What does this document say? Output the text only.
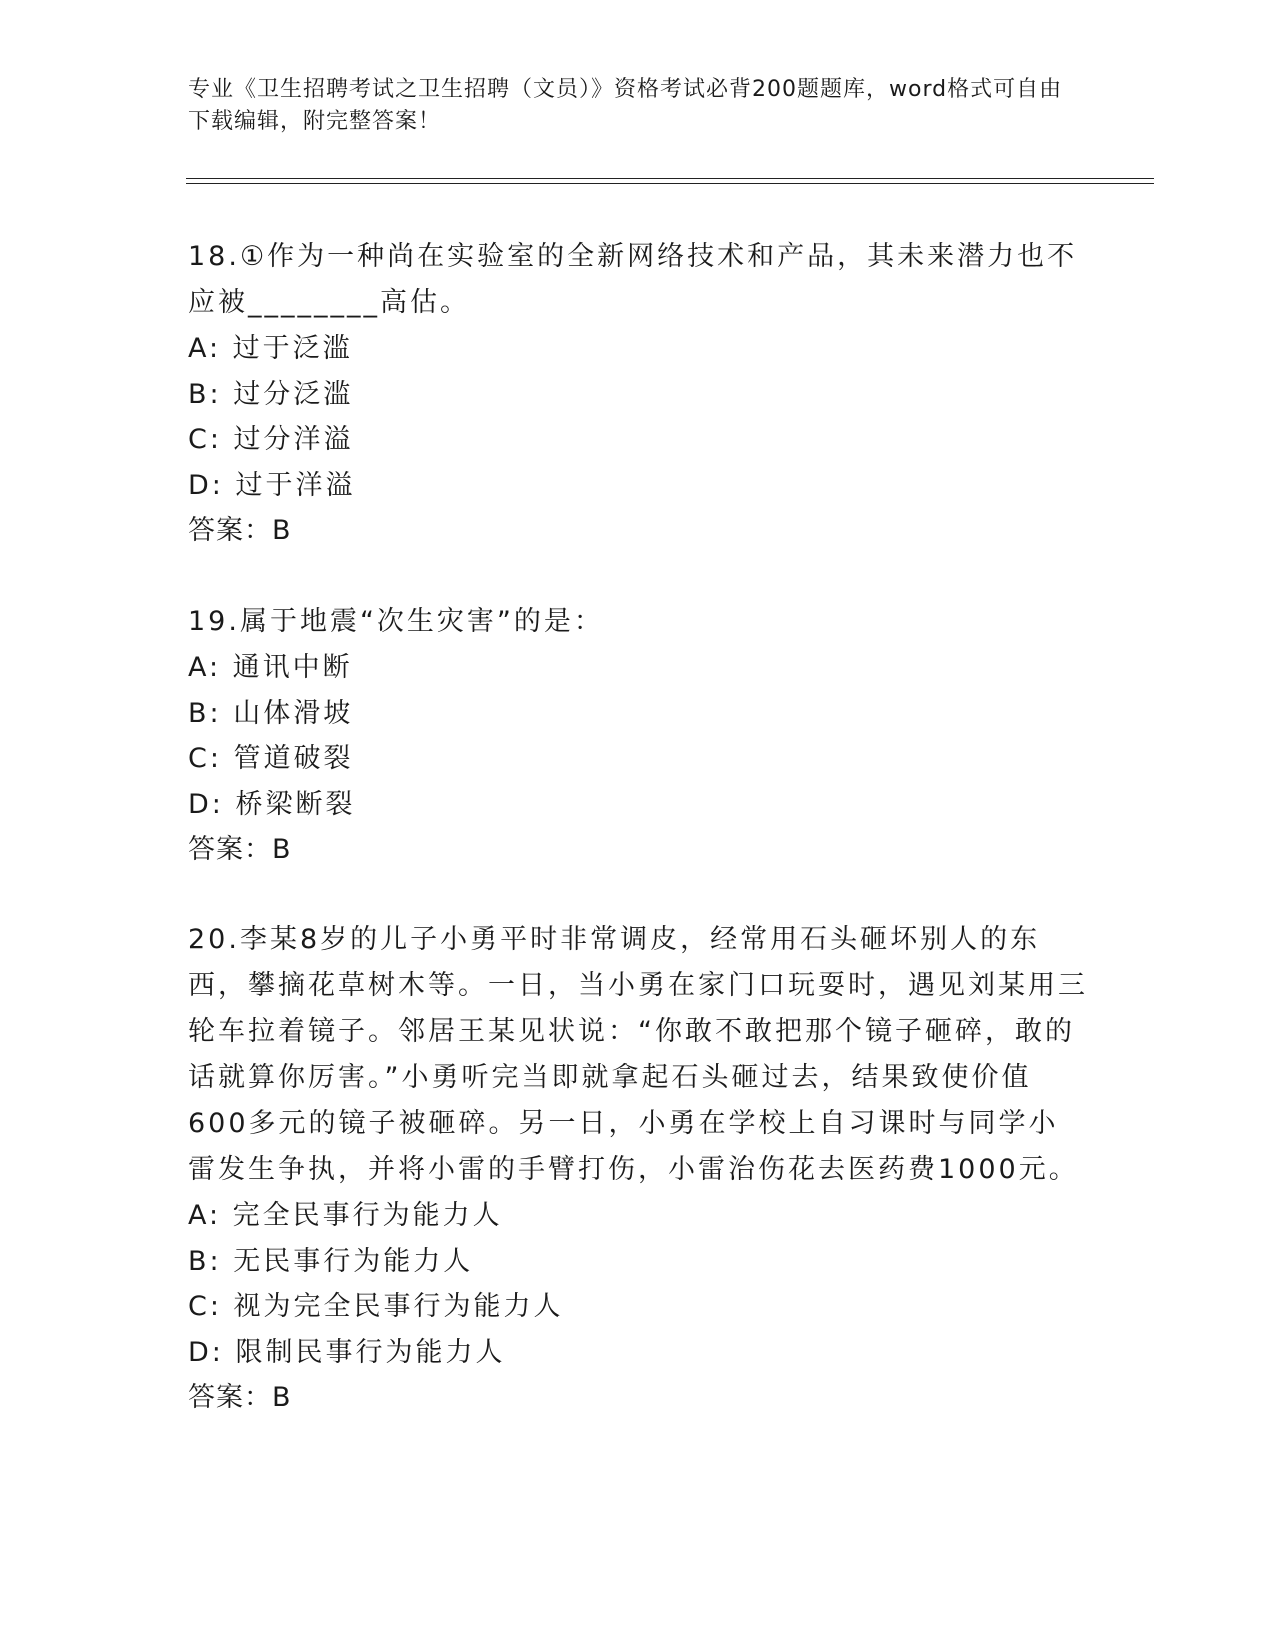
专业《卫生招聘考试之卫生招聘（文员）》资格考试必背200题题库，word格式可自由下载编辑，附完整答案！
18.①作为一种尚在实验室的全新网络技术和产品，其未来潜力也不应被________高估。
A: 过于泛滥
B: 过分泛滥
C: 过分洋溢
D: 过于洋溢
答案：B
19.属于地震“次生灾害”的是：
A: 通讯中断
B: 山体滑坡
C: 管道破裂
D: 桥梁断裂
答案：B
20.李某8岁的儿子小勇平时非常调皮，经常用石头砸坏别人的东西，攀摘花草树木等。一日，当小勇在家门口玩耍时，遇见刘某用三轮车拉着镜子。邻居王某见状说：“你敢不敢把那个镜子砸碎，敢的话就算你厉害。”小勇听完当即就拿起石头砸过去，结果致使价值600多元的镜子被砸碎。另一日，小勇在学校上自习课时与同学小雷发生争执，并将小雷的手臂打伤，小雷治伤花去医药费1000元。
A: 完全民事行为能力人
B: 无民事行为能力人
C: 视为完全民事行为能力人
D: 限制民事行为能力人
答案：B
